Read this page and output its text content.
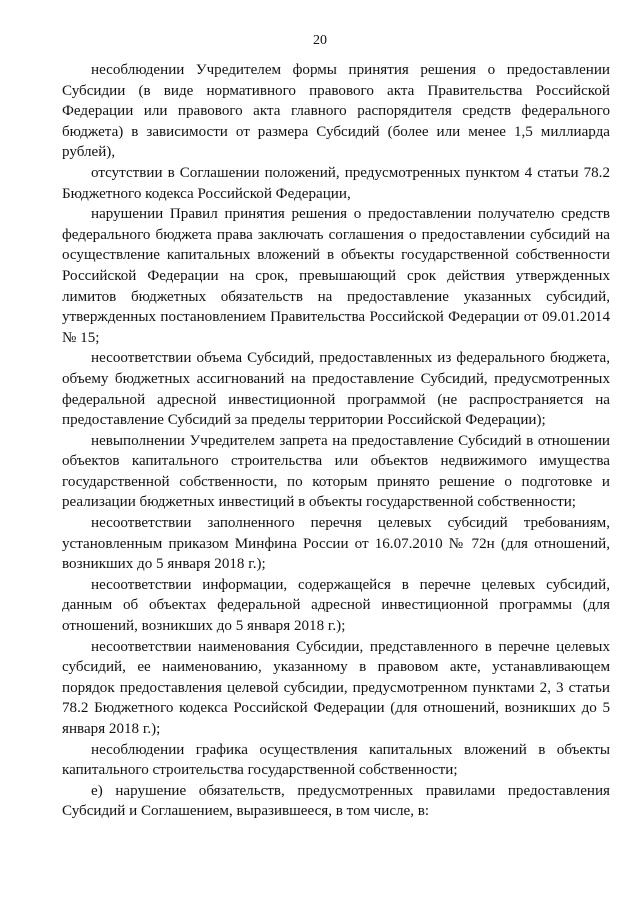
20

несоблюдении Учредителем формы принятия решения о предоставлении Субсидии (в виде нормативного правового акта Правительства Российской Федерации или правового акта главного распорядителя средств федерального бюджета) в зависимости от размера Субсидий (более или менее 1,5 миллиарда рублей),

отсутствии в Соглашении положений, предусмотренных пунктом 4 статьи 78.2 Бюджетного кодекса Российской Федерации,

нарушении Правил принятия решения о предоставлении получателю средств федерального бюджета права заключать соглашения о предоставлении субсидий на осуществление капитальных вложений в объекты государственной собственности Российской Федерации на срок, превышающий срок действия утвержденных лимитов бюджетных обязательств на предоставление указанных субсидий, утвержденных постановлением Правительства Российской Федерации от 09.01.2014 № 15;

несоответствии объема Субсидий, предоставленных из федерального бюджета, объему бюджетных ассигнований на предоставление Субсидий, предусмотренных федеральной адресной инвестиционной программой (не распространяется на предоставление Субсидий за пределы территории Российской Федерации);

невыполнении Учредителем запрета на предоставление Субсидий в отношении объектов капитального строительства или объектов недвижимого имущества государственной собственности, по которым принято решение о подготовке и реализации бюджетных инвестиций в объекты государственной собственности;

несоответствии заполненного перечня целевых субсидий требованиям, установленным приказом Минфина России от 16.07.2010 № 72н (для отношений, возникших до 5 января 2018 г.);

несоответствии информации, содержащейся в перечне целевых субсидий, данным об объектах федеральной адресной инвестиционной программы (для отношений, возникших до 5 января 2018 г.);

несоответствии наименования Субсидии, представленного в перечне целевых субсидий, ее наименованию, указанному в правовом акте, устанавливающем порядок предоставления целевой субсидии, предусмотренном пунктами 2, 3 статьи 78.2 Бюджетного кодекса Российской Федерации (для отношений, возникших до 5 января 2018 г.);

несоблюдении графика осуществления капитальных вложений в объекты капитального строительства государственной собственности;

е) нарушение обязательств, предусмотренных правилами предоставления Субсидий и Соглашением, выразившееся, в том числе, в:
